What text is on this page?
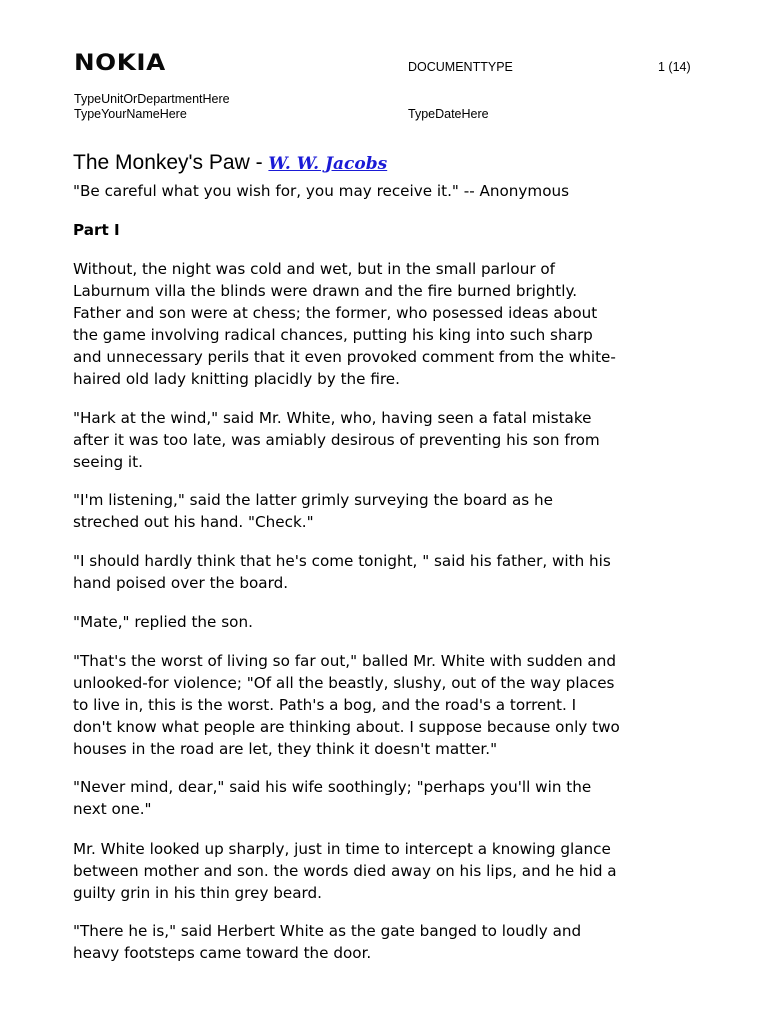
NOKIA	DOCUMENTTYPE	1 (14)
TypeUnitOrDepartmentHere
TypeYourNameHere	TypeDateHere
The Monkey's Paw - W. W. Jacobs
"Be careful what you wish for, you may receive it." -- Anonymous
Part I
Without, the night was cold and wet, but in the small parlour of
Laburnum villa the blinds were drawn and the fire burned brightly.
Father and son were at chess; the former, who posessed ideas about
the game involving radical chances, putting his king into such sharp
and unnecessary perils that it even provoked comment from the white-
haired old lady knitting placidly by the fire.
"Hark at the wind," said Mr. White, who, having seen a fatal mistake
after it was too late, was amiably desirous of preventing his son from
seeing it.
"I'm listening," said the latter grimly surveying the board as he
streched out his hand. "Check."
"I should hardly think that he's come tonight, " said his father, with his
hand poised over the board.
"Mate," replied the son.
"That's the worst of living so far out," balled Mr. White with sudden and
unlooked-for violence; "Of all the beastly, slushy, out of the way places
to live in, this is the worst. Path's a bog, and the road's a torrent. I
don't know what people are thinking about. I suppose because only two
houses in the road are let, they think it doesn't matter."
"Never mind, dear," said his wife soothingly; "perhaps you'll win the
next one."
Mr. White looked up sharply, just in time to intercept a knowing glance
between mother and son. the words died away on his lips, and he hid a
guilty grin in his thin grey beard.
"There he is," said Herbert White as the gate banged to loudly and
heavy footsteps came toward the door.
